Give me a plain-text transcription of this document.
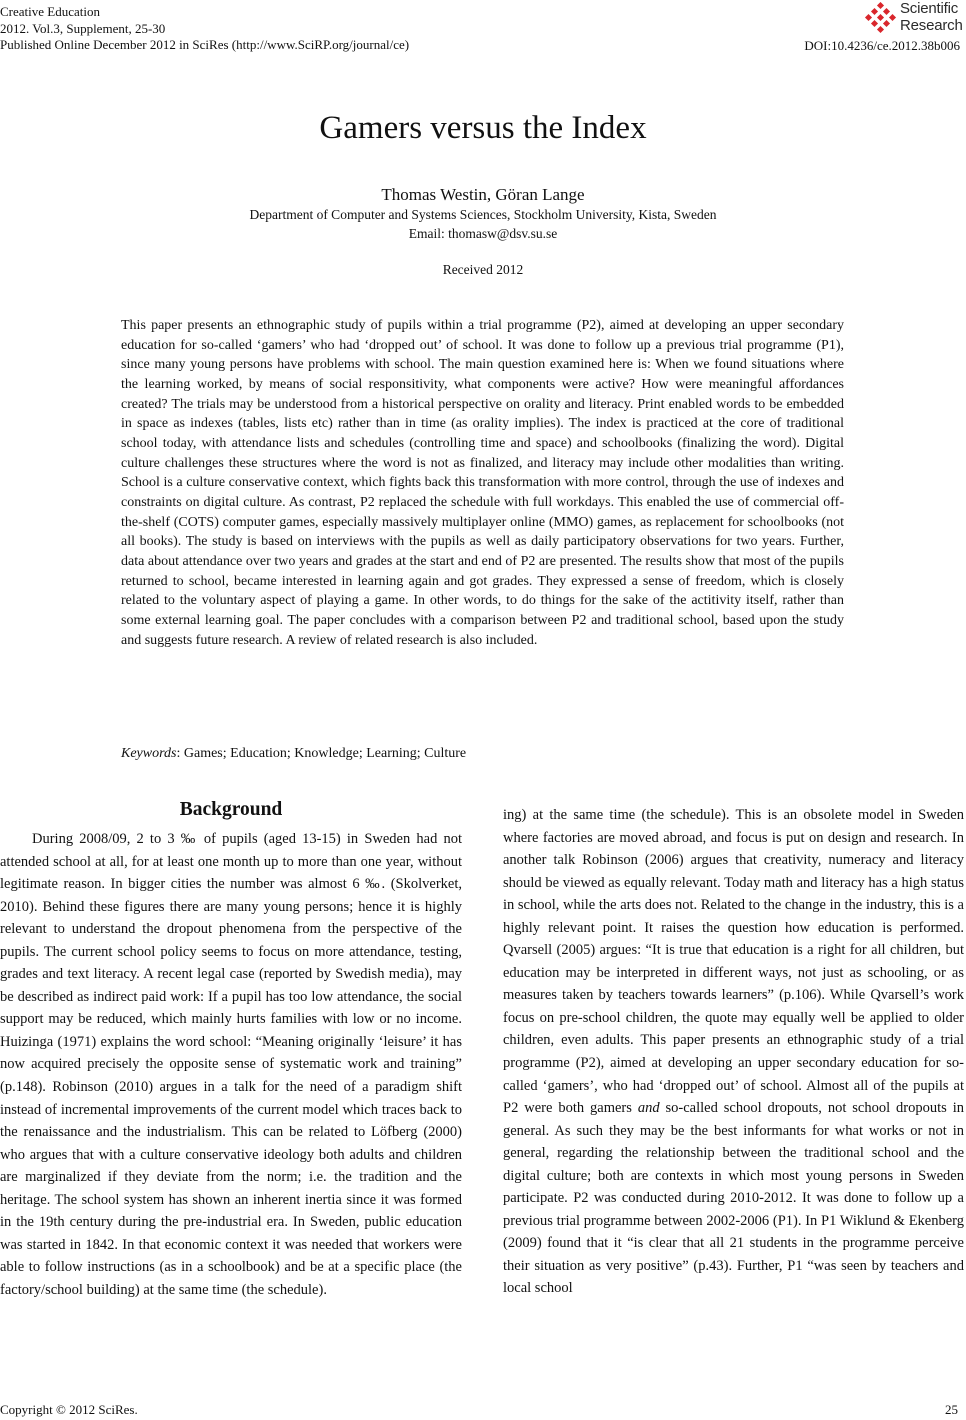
Creative Education
2012. Vol.3, Supplement, 25-30
Published Online December 2012 in SciRes (http://www.SciRP.org/journal/ce)
Scientific
Research
DOI:10.4236/ce.2012.38b006
Gamers versus the Index
Thomas Westin, Göran Lange
Department of Computer and Systems Sciences, Stockholm University, Kista, Sweden
Email: thomasw@dsv.su.se
Received 2012

This paper presents an ethnographic study of pupils within a trial programme (P2), aimed at developing an upper secondary education for so-called ‘gamers’ who had ‘dropped out’ of school. It was done to follow up a previous trial programme (P1), since many young persons have problems with school. The main question examined here is: When we found situations where the learning worked, by means of social responsitivity, what components were active? How were meaningful affordances created? The trials may be understood from a historical perspective on orality and literacy. Print enabled words to be embedded in space as indexes (tables, lists etc) rather than in time (as orality implies). The index is practiced at the core of traditional school today, with attendance lists and schedules (controlling time and space) and schoolbooks (finalizing the word). Digital culture challenges these structures where the word is not as finalized, and literacy may include other modalities than writing. School is a culture conservative context, which fights back this transformation with more control, through the use of indexes and constraints on digital culture. As contrast, P2 replaced the schedule with full workdays. This enabled the use of commercial off-the-shelf (COTS) computer games, especially massively multiplayer online (MMO) games, as replacement for schoolbooks (not all books). The study is based on interviews with the pupils as well as daily participatory observations for two years. Further, data about attendance over two years and grades at the start and end of P2 are presented. The results show that most of the pupils returned to school, became interested in learning again and got grades. They expressed a sense of freedom, which is closely related to the voluntary aspect of playing a game. In other words, to do things for the sake of the actitivity itself, rather than some external learning goal. The paper concludes with a comparison between P2 and traditional school, based upon the study and suggests future research. A review of related research is also included.

Keywords: Games; Education; Knowledge; Learning; Culture
Background

During 2008/09, 2 to 3 ‰ of pupils (aged 13-15) in Sweden had not attended school at all, for at least one month up to more than one year, without legitimate reason. In bigger cities the number was almost 6 ‰. (Skolverket, 2010). Behind these figures there are many young persons; hence it is highly relevant to understand the dropout phenomena from the perspective of the pupils. The current school policy seems to focus on more attendance, testing, grades and text literacy. A recent legal case (reported by Swedish media), may be described as indirect paid work: If a pupil has too low attendance, the social support may be reduced, which mainly hurts families with low or no income. Huizinga (1971) explains the word school: “Meaning originally ‘leisure’ it has now acquired precisely the opposite sense of systematic work and training” (p.148). Robinson (2010) argues in a talk for the need of a paradigm shift instead of incremental improvements of the current model which traces back to the renaissance and the industrialism. This can be related to Löfberg (2000) who argues that with a culture conservative ideology both adults and children are marginalized if they deviate from the norm; i.e. the tradition and the heritage. The school system has shown an inherent inertia since it was formed in the 19th century during the pre-industrial era. In Sweden, public education was started in 1842. In that economic context it was needed that workers were able to follow instructions (as in a schoolbook) and be at a specific place (the factory/school building) at the same time (the schedule).

ing) at the same time (the schedule). This is an obsolete model in Sweden where factories are moved abroad, and focus is put on design and research. In another talk Robinson (2006) argues that creativity, numeracy and literacy should be viewed as equally relevant. Today math and literacy has a high status in school, while the arts does not. Related to the change in the industry, this is a highly relevant point. It raises the question how education is performed. Qvarsell (2005) argues: “It is true that education is a right for all children, but education may be interpreted in different ways, not just as schooling, or as measures taken by teachers towards learners” (p.106). While Qvarsell’s work focus on pre-school children, the quote may equally well be applied to older children, even adults. This paper presents an ethnographic study of a trial programme (P2), aimed at developing an upper secondary education for so-called ‘gamers’, who had ‘dropped out’ of school. Almost all of the pupils at P2 were both gamers and so-called school dropouts, not school dropouts in general. As such they may be the best informants for what works or not in general, regarding the relationship between the traditional school and the digital culture; both are contexts in which most young persons in Sweden participate. P2 was conducted during 2010-2012. It was done to follow up a previous trial programme between 2002-2006 (P1). In P1 Wiklund & Ekenberg (2009) found that it “is clear that all 21 students in the programme perceive their situation as very positive” (p.43). Further, P1 “was seen by teachers and local school

Copyright © 2012 SciRes.	25
